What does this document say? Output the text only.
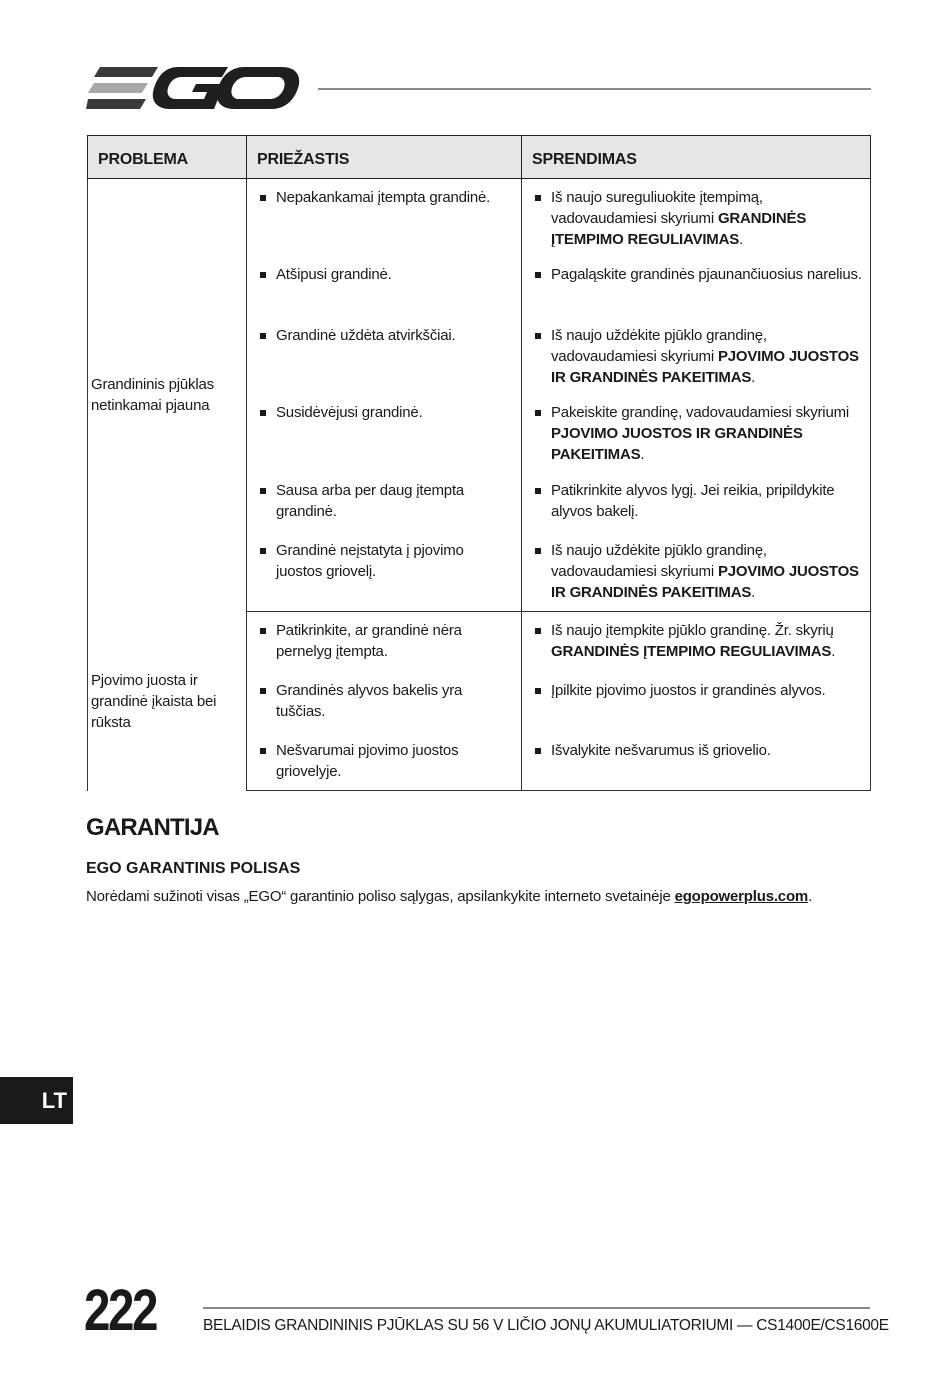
PROBLEMA	PRIEŽASTIS	SPRENDIMAS
Grandininis pjūklas netinkamai pjauna	Nepakankamai įtempta grandinė.	Iš naujo sureguliuokite įtempimą, vadovaudamiesi skyriumi GRANDINĖS ĮTEMPIMO REGULIAVIMAS.

	Atšipusi grandinė.	Pagaląskite grandinės pjaunančiuosius narelius.

	Grandinė uždėta atvirkščiai.	Iš naujo uždėkite pjūklo grandinę, vadovaudamiesi skyriumi PJOVIMO JUOSTOS IR GRANDINĖS PAKEITIMAS.

	Susidėvėjusi grandinė.	Pakeiskite grandinę, vadovaudamiesi skyriumi PJOVIMO JUOSTOS IR GRANDINĖS PAKEITIMAS.

	Sausa arba per daug įtempta grandinė.	Patikrinkite alyvos lygį. Jei reikia, pripildykite alyvos bakelį.

	Grandinė neįstatyta į pjovimo juostos griovelį.	Iš naujo uždėkite pjūklo grandinę, vadovaudamiesi skyriumi PJOVIMO JUOSTOS IR GRANDINĖS PAKEITIMAS.

Pjovimo juosta ir grandinė įkaista bei rūksta	Patikrinkite, ar grandinė nėra pernelyg įtempta.	Iš naujo įtempkite pjūklo grandinę. Žr. skyrių GRANDINĖS ĮTEMPIMO REGULIAVIMAS.

	Grandinės alyvos bakelis yra tuščias.	Įpilkite pjovimo juostos ir grandinės alyvos.

	Nešvarumai pjovimo juostos griovelyje.	Išvalykite nešvarumus iš griovelio.
GARANTIJA
EGO GARANTINIS POLISAS

Norėdami sužinoti visas „EGO“ garantinio poliso sąlygas, apsilankykite interneto svetainėje egopowerplus.com.

LT
222	BELAIDIS GRANDININIS PJŪKLAS SU 56 V LIČIO JONŲ AKUMULIATORIUMI — CS1400E/CS1600E
